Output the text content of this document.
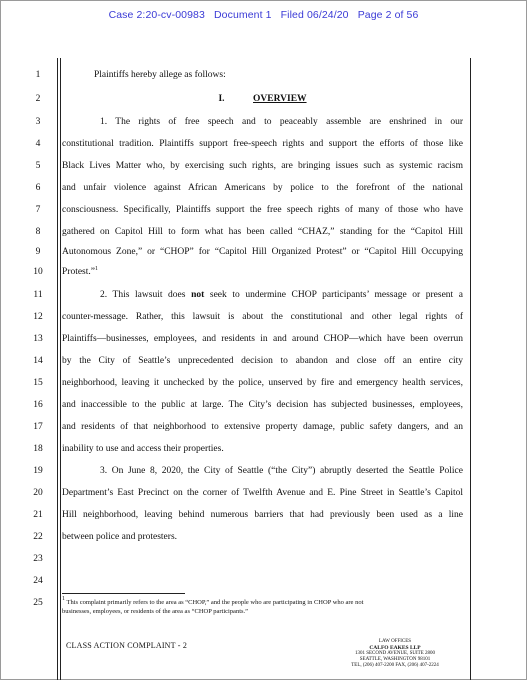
Case 2:20-cv-00983 Document 1 Filed 06/24/20 Page 2 of 56
1
2
3
4
5
6
7
8
9
10
11
12
13
14
15
16
17
18
19
20
21
22
23
24
25
Plaintiffs hereby allege as follows:
I.	OVERVIEW
1. The rights of free speech and to peaceably assemble are enshrined in our
constitutional tradition. Plaintiffs support free-speech rights and support the efforts of those like
Black Lives Matter who, by exercising such rights, are bringing issues such as systemic racism
and unfair violence against African Americans by police to the forefront of the national
consciousness. Specifically, Plaintiffs support the free speech rights of many of those who have
gathered on Capitol Hill to form what has been called “CHAZ,” standing for the “Capitol Hill
Autonomous Zone,” or “CHOP” for “Capitol Hill Organized Protest” or “Capitol Hill Occupying
Protest.”$^1$
2. This lawsuit does not seek to undermine CHOP participants’ message or present a
counter-message. Rather, this lawsuit is about the constitutional and other legal rights of
Plaintiffs—businesses, employees, and residents in and around CHOP—which have been overrun
by the City of Seattle’s unprecedented decision to abandon and close off an entire city
neighborhood, leaving it unchecked by the police, unserved by fire and emergency health services,
and inaccessible to the public at large. The City’s decision has subjected businesses, employees,
and residents of that neighborhood to extensive property damage, public safety dangers, and an
inability to use and access their properties.
3. On June 8, 2020, the City of Seattle (“the City”) abruptly deserted the Seattle Police
Department’s East Precinct on the corner of Twelfth Avenue and E. Pine Street in Seattle’s Capitol
Hill neighborhood, leaving behind numerous barriers that had previously been used as a line
between police and protesters.
$^1$ This complaint primarily refers to the area as “CHOP,” and the people who are participating in CHOP who are not
businesses, employees, or residents of the area as “CHOP participants.”
CLASS ACTION COMPLAINT - 2	LAW OFFICES
CALFO EAKES LLP
1301 SECOND AVENUE, SUITE 2800
SEATTLE, WASHINGTON 98101
TEL, (206) 407-2200 FAX, (206) 407-2224
